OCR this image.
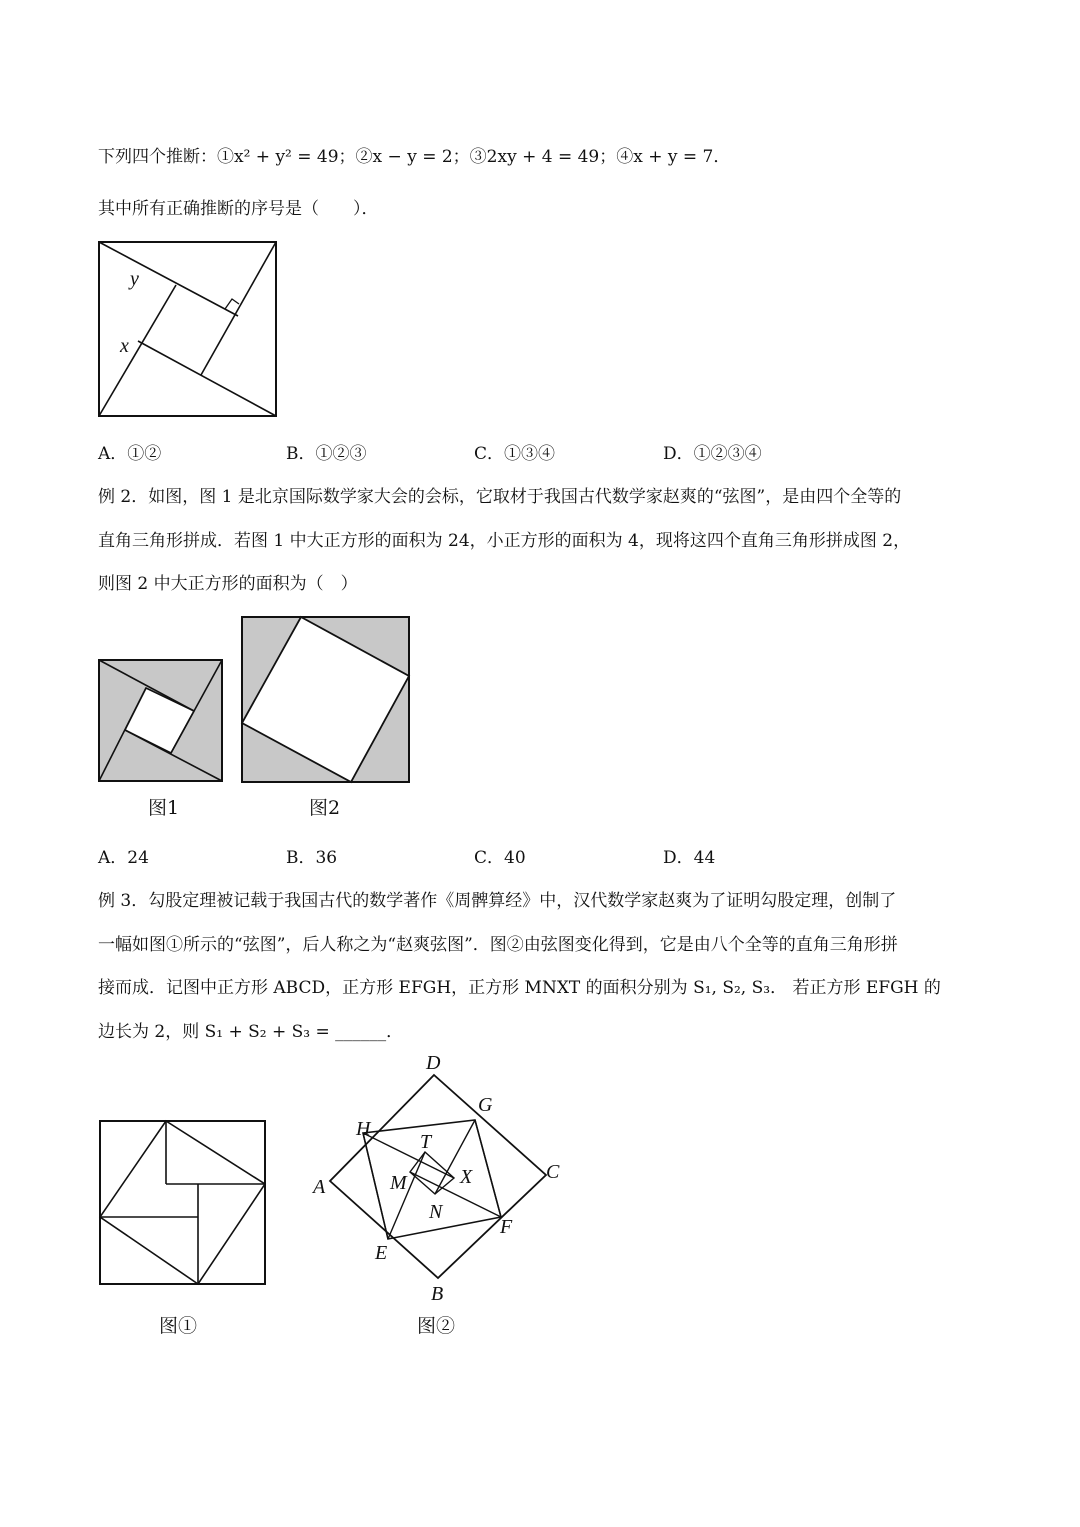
下列四个推断：①x² + y² = 49；②x − y = 2；③2xy + 4 = 49；④x + y = 7．
其中所有正确推断的序号是（　　）．
y
x
A．①②	B．①②③	C．①③④	D．①②③④
例 2．如图，图 1 是北京国际数学家大会的会标，它取材于我国古代数学家赵爽的“弦图”，是由四个全等的
直角三角形拼成．若图 1 中大正方形的面积为 24，小正方形的面积为 4，现将这四个直角三角形拼成图 2，
则图 2 中大正方形的面积为（　）
图1	图2
A．24	B．36	C．40	D．44
例 3．勾股定理被记载于我国古代的数学著作《周髀算经》中，汉代数学家赵爽为了证明勾股定理，创制了
一幅如图①所示的“弦图”，后人称之为“赵爽弦图”．图②由弦图变化得到，它是由八个全等的直角三角形拼
接而成．记图中正方形 ABCD，正方形 EFGH，正方形 MNXT 的面积分别为 S₁, S₂, S₃． 若正方形 EFGH 的
边长为 2，则 S₁ + S₂ + S₃ = ______．
D
G
H
T
A
C
M	X
N
F
E
B
图①	图②
